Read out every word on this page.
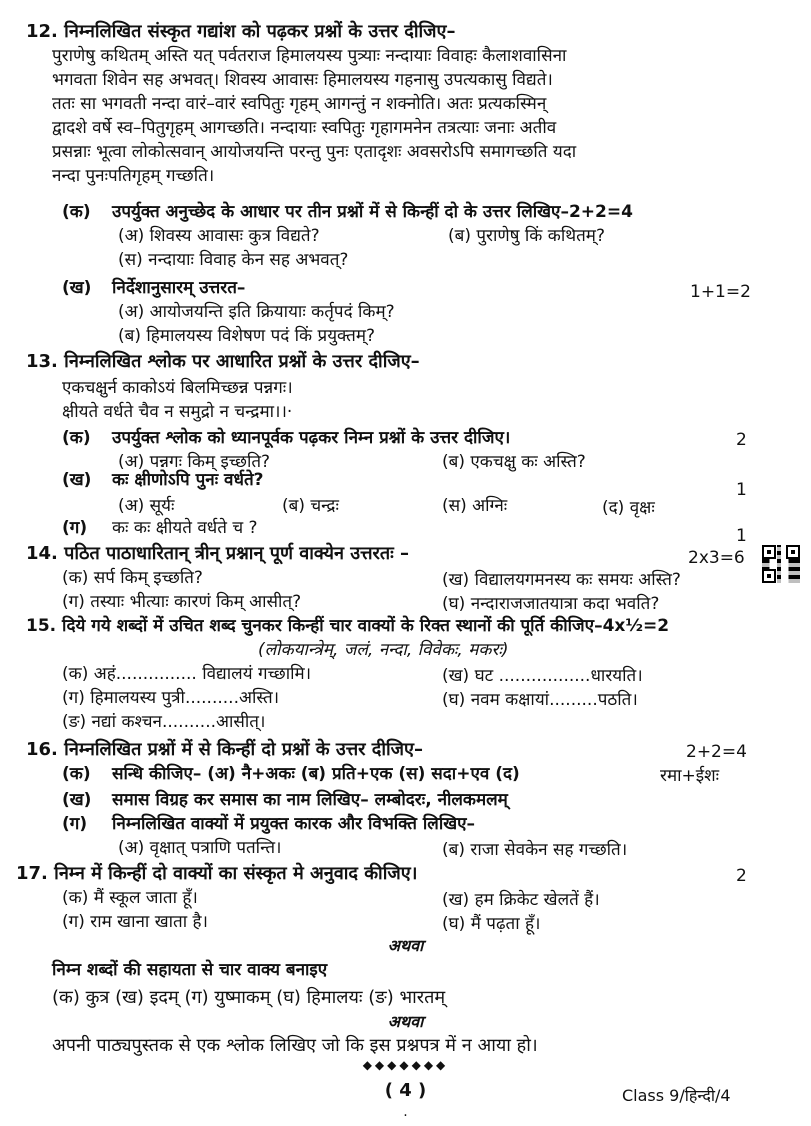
12. निम्नलिखित संस्कृत गद्यांश को पढ़कर प्रश्नों के उत्तर दीजिए–
पुराणेषु कथितम् अस्ति यत् पर्वतराज हिमालयस्य पुत्र्याः नन्दायाः विवाहः कैलाशवासिना
भगवता शिवेन सह अभवत्। शिवस्य आवासः हिमालयस्य गहनासु उपत्यकासु विद्यते।
ततः सा भगवती नन्दा वारं–वारं स्वपितुः गृहम् आगन्तुं न शक्नोति। अतः प्रत्यकस्मिन्
द्वादशे वर्षे स्व–पितुगृहम् आगच्छति। नन्दायाः स्वपितुः गृहागमनेन तत्रत्याः जनाः अतीव
प्रसन्नाः भूत्वा लोकोत्सवान् आयोजयन्ति परन्तु पुनः एतादृशः अवसरोऽपि समागच्छति यदा
नन्दा पुनःपतिगृहम् गच्छति।
(क) उपर्युक्त अनुच्छेद के आधार पर तीन प्रश्नों में से किन्हीं दो के उत्तर लिखिए–2+2=4
(अ) शिवस्य आवासः कुत्र विद्यते?	(ब) पुराणेषु किं कथितम्?
(स) नन्दायाः विवाह केन सह अभवत्?
(ख) निर्देशानुसारम् उत्तरत–	1+1=2
(अ) आयोजयन्ति इति क्रियायाः कर्तृपदं किम्?
(ब) हिमालयस्य विशेषण पदं किं प्रयुक्तम्?
13. निम्नलिखित श्लोक पर आधारित प्रश्नों के उत्तर दीजिए–
एकचक्षुर्न काकोऽयं बिलमिच्छन्न पन्नगः।
क्षीयते वर्धते चैव न समुद्रो न चन्द्रमा।।·
(क) उपर्युक्त श्लोक को ध्यानपूर्वक पढ़कर निम्न प्रश्नों के उत्तर दीजिए।	2
(अ) पन्नगः किम् इच्छति?	(ब) एकचक्षु कः अस्ति?
(ख) कः क्षीणोऽपि पुनः वर्धते?	1
(अ) सूर्यः	(ब) चन्द्रः	(स) अग्निः	(द) वृक्षः
(ग) कः कः क्षीयते वर्धते च ?	1
14. पठित पाठाधारितान् त्रीन् प्रश्नान् पूर्ण वाक्येन उत्तरतः –	2x3=6
(क) सर्प किम् इच्छति?	(ख) विद्यालयगमनस्य कः समयः अस्ति?
(ग) तस्याः भीत्याः कारणं किम् आसीत्?	(घ) नन्दाराजजातयात्रा कदा भवति?
15. दिये गये शब्दों में उचित शब्द चुनकर किन्हीं चार वाक्यों के रिक्त स्थानों की पूर्ति कीजिए–4x½=2
(लोकयान्त्रेम्, जलं, नन्दा, विवेकः, मकरः)
(क) अहं............... विद्यालयं गच्छामि।	(ख) घट .................धारयति।
(ग) हिमालयस्य पुत्री..........अस्ति।	(घ) नवम कक्षायां.........पठति।
(ङ) नद्यां कश्चन..........आसीत्।
16. निम्नलिखित प्रश्नों में से किन्हीं दो प्रश्नों के उत्तर दीजिए–	2+2=4
(क) सन्धि कीजिए– (अ) नै+अकः (ब) प्रति+एक (स) सदा+एव (द)	रमा+ईशः
(ख) समास विग्रह कर समास का नाम लिखिए– लम्बोदरः, नीलकमलम्
(ग) निम्नलिखित वाक्यों में प्रयुक्त कारक और विभक्ति लिखिए–
(अ) वृक्षात् पत्राणि पतन्ति।	(ब) राजा सेवकेन सह गच्छति।
17. निम्न में किन्हीं दो वाक्यों का संस्कृत मे अनुवाद कीजिए।	2
(क) मैं स्कूल जाता हूँ।	(ख) हम क्रिकेट खेलतें हैं।
(ग) राम खाना खाता है।	(घ) मैं पढ़ता हूँ।
अथवा
निम्न शब्दों की सहायता से चार वाक्य बनाइए
(क) कुत्र (ख) इदम् (ग) युष्माकम् (घ) हिमालयः (ङ) भारतम्
अथवा
अपनी पाठ्यपुस्तक से एक श्लोक लिखिए जो कि इस प्रश्नपत्र में न आया हो।
◆◆◆◆◆◆◆
( 4 )	Class 9/हिन्दी/4
·
